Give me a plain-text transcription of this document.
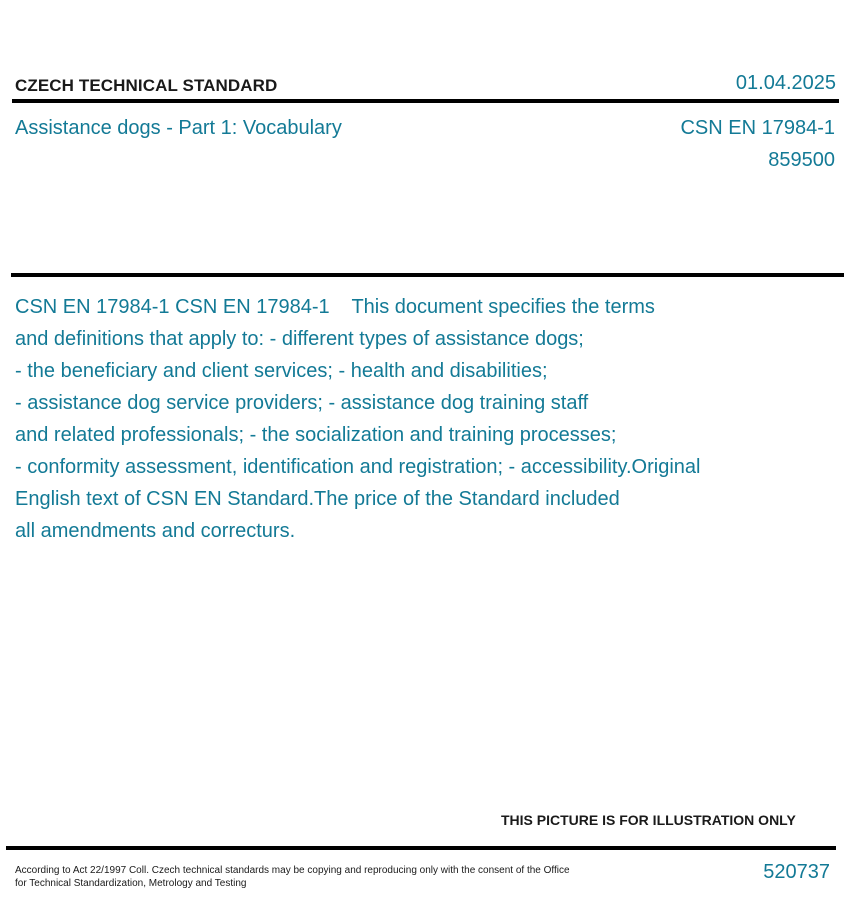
CZECH TECHNICAL STANDARD	01.04.2025
Assistance dogs - Part 1: Vocabulary	CSN EN 17984-1
859500
CSN EN 17984-1 CSN EN 17984-1    This document specifies the terms
and definitions that apply to: - different types of assistance dogs;
- the beneficiary and client services; - health and disabilities;
- assistance dog service providers; - assistance dog training staff
and related professionals; - the socialization and training processes;
- conformity assessment, identification and registration; - accessibility.Original
English text of CSN EN Standard.The price of the Standard included
all amendments and correcturs.
THIS PICTURE IS FOR ILLUSTRATION ONLY
According to Act 22/1997 Coll. Czech technical standards may be copying and reproducing only with the consent of the Office
for Technical Standardization, Metrology and Testing
520737
